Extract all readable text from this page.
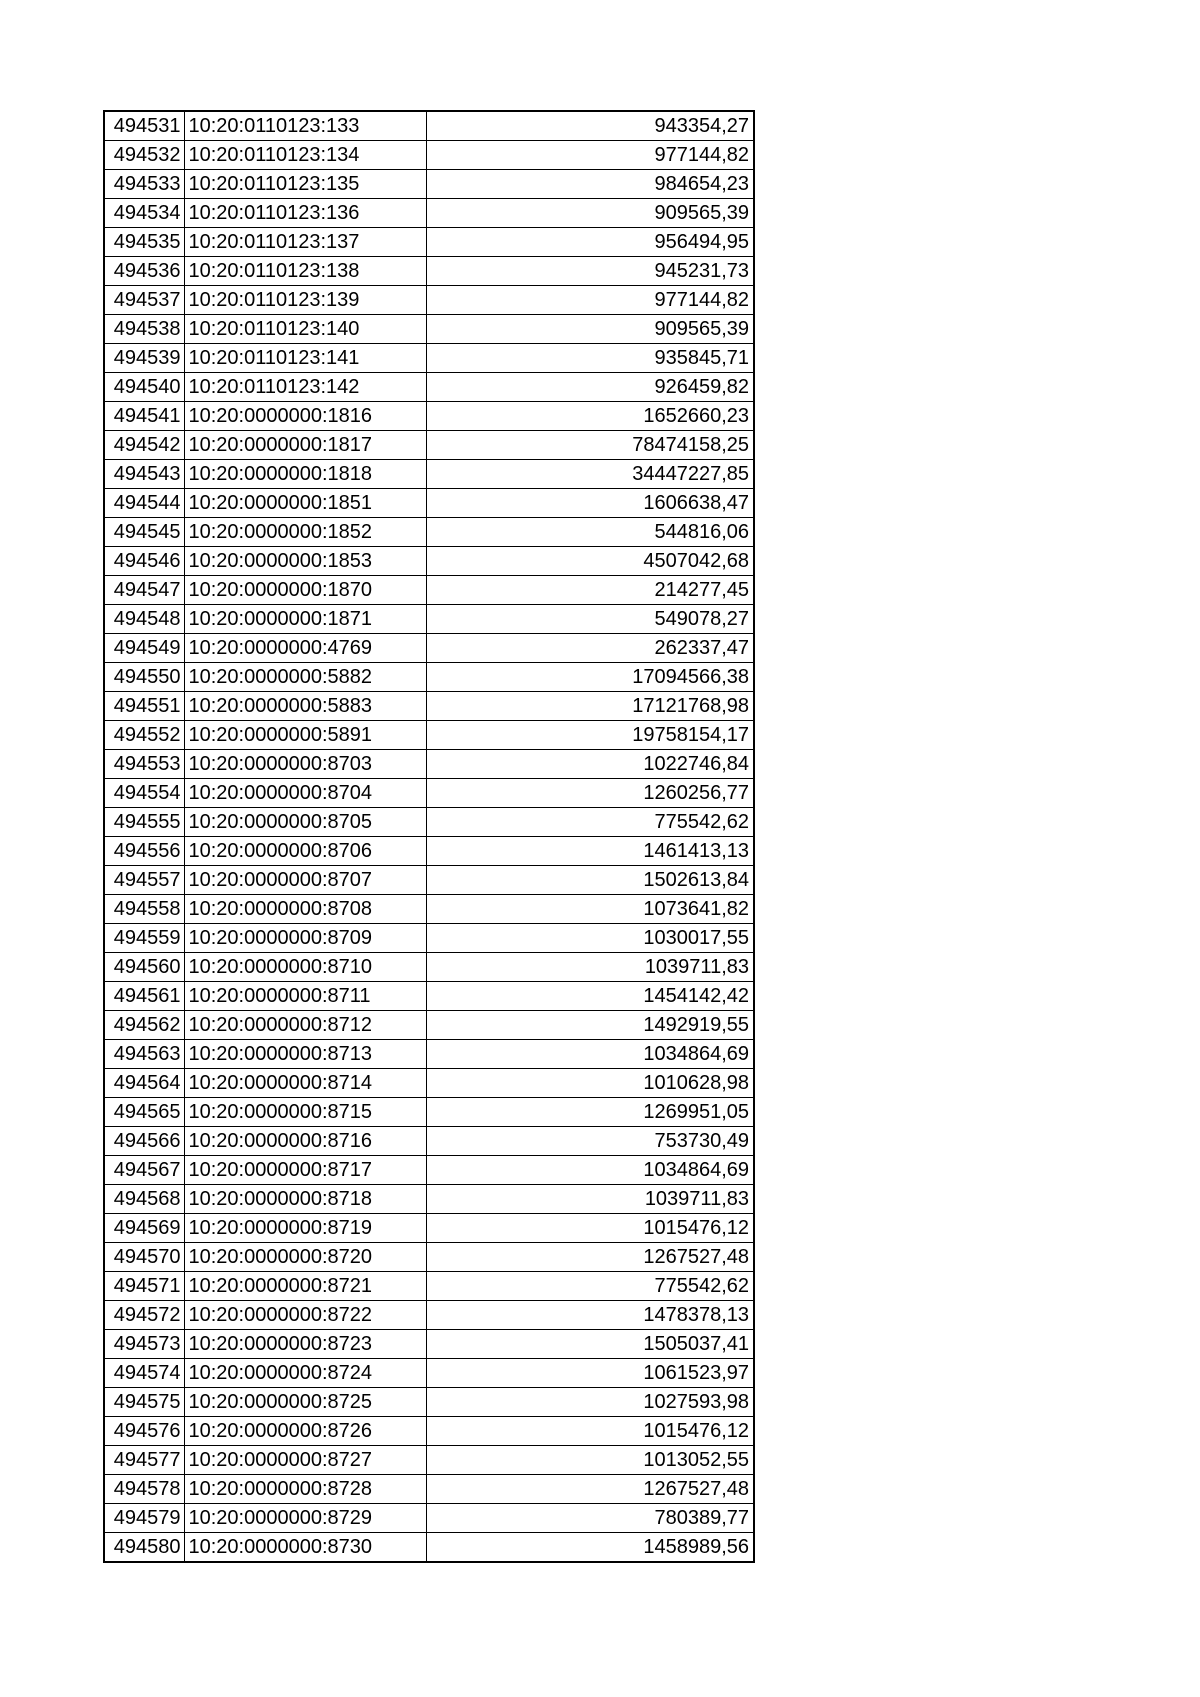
494531	10:20:0110123:133	943354,27
494532	10:20:0110123:134	977144,82
494533	10:20:0110123:135	984654,23
494534	10:20:0110123:136	909565,39
494535	10:20:0110123:137	956494,95
494536	10:20:0110123:138	945231,73
494537	10:20:0110123:139	977144,82
494538	10:20:0110123:140	909565,39
494539	10:20:0110123:141	935845,71
494540	10:20:0110123:142	926459,82
494541	10:20:0000000:1816	1652660,23
494542	10:20:0000000:1817	78474158,25
494543	10:20:0000000:1818	34447227,85
494544	10:20:0000000:1851	1606638,47
494545	10:20:0000000:1852	544816,06
494546	10:20:0000000:1853	4507042,68
494547	10:20:0000000:1870	214277,45
494548	10:20:0000000:1871	549078,27
494549	10:20:0000000:4769	262337,47
494550	10:20:0000000:5882	17094566,38
494551	10:20:0000000:5883	17121768,98
494552	10:20:0000000:5891	19758154,17
494553	10:20:0000000:8703	1022746,84
494554	10:20:0000000:8704	1260256,77
494555	10:20:0000000:8705	775542,62
494556	10:20:0000000:8706	1461413,13
494557	10:20:0000000:8707	1502613,84
494558	10:20:0000000:8708	1073641,82
494559	10:20:0000000:8709	1030017,55
494560	10:20:0000000:8710	1039711,83
494561	10:20:0000000:8711	1454142,42
494562	10:20:0000000:8712	1492919,55
494563	10:20:0000000:8713	1034864,69
494564	10:20:0000000:8714	1010628,98
494565	10:20:0000000:8715	1269951,05
494566	10:20:0000000:8716	753730,49
494567	10:20:0000000:8717	1034864,69
494568	10:20:0000000:8718	1039711,83
494569	10:20:0000000:8719	1015476,12
494570	10:20:0000000:8720	1267527,48
494571	10:20:0000000:8721	775542,62
494572	10:20:0000000:8722	1478378,13
494573	10:20:0000000:8723	1505037,41
494574	10:20:0000000:8724	1061523,97
494575	10:20:0000000:8725	1027593,98
494576	10:20:0000000:8726	1015476,12
494577	10:20:0000000:8727	1013052,55
494578	10:20:0000000:8728	1267527,48
494579	10:20:0000000:8729	780389,77
494580	10:20:0000000:8730	1458989,56
